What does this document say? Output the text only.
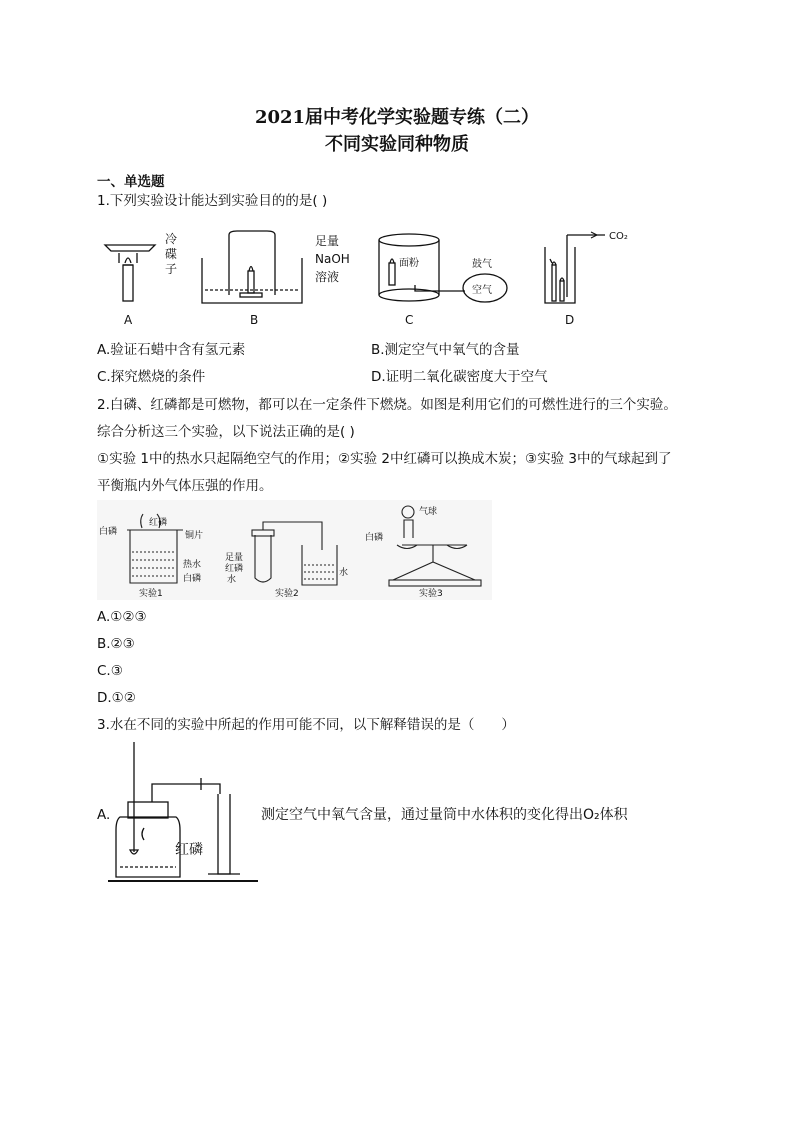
2021届中考化学实验题专练（二）
不同实验同种物质
一、单选题
1.下列实验设计能达到实验目的的是( )
冷
碟
子
足量
NaOH
溶液
面粉	鼓气
空气
CO₂
A	B	C	D
A.验证石蜡中含有氢元素	B.测定空气中氧气的含量
C.探究燃烧的条件	D.证明二氧化碳密度大于空气
2.白磷、红磷都是可燃物，都可以在一定条件下燃烧。如图是利用它们的可燃性进行的三个实验。
综合分析这三个实验，以下说法正确的是( )
①实验 1中的热水只起隔绝空气的作用；②实验 2中红磷可以换成木炭；③实验 3中的气球起到了
平衡瓶内外气体压强的作用。
白磷
红磷
铜片
热水
白磷
实验1
足量
红磷
水
水
实验2
气球
白磷
实验3
A.①②③
B.②③
C.③
D.①②
3.水在不同的实验中所起的作用可能不同，以下解释错误的是（　　）
A.
红磷
测定空气中氧气含量，通过量筒中水体积的变化得出O₂体积
